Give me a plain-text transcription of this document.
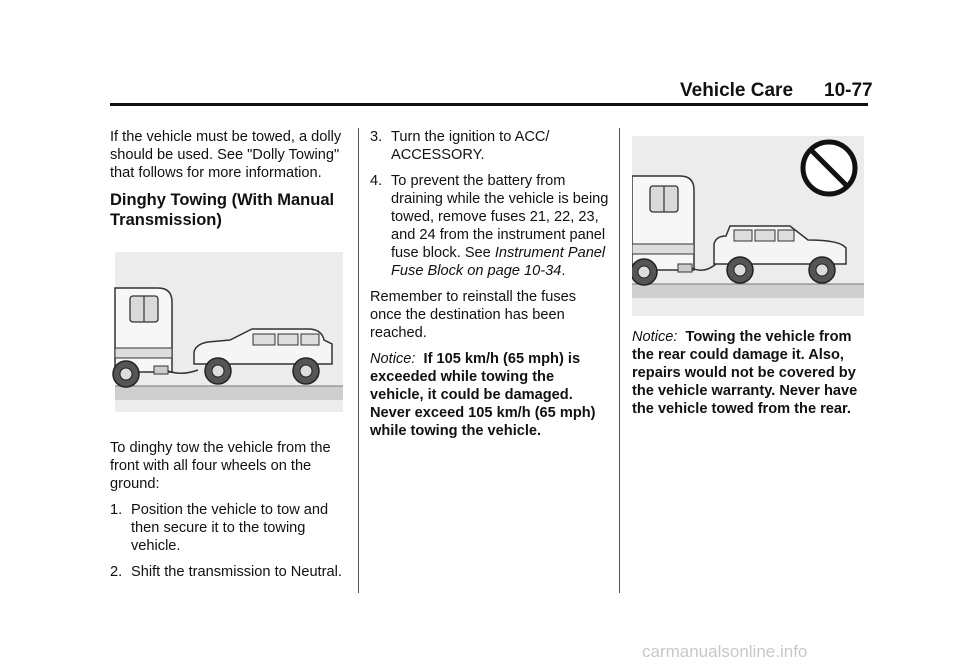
Vehicle Care 10-77

If the vehicle must be towed, a dolly should be used. See "Dolly Towing" that follows for more information.

Dinghy Towing (With Manual Transmission)

To dinghy tow the vehicle from the front with all four wheels on the ground:

1. Position the vehicle to tow and then secure it to the towing vehicle.
2. Shift the transmission to Neutral.
3. Turn the ignition to ACC/ ACCESSORY.
4. To prevent the battery from draining while the vehicle is being towed, remove fuses 21, 22, 23, and 24 from the instrument panel fuse block. See Instrument Panel Fuse Block on page 10-34.

Remember to reinstall the fuses once the destination has been reached.

Notice: If 105 km/h (65 mph) is exceeded while towing the vehicle, it could be damaged. Never exceed 105 km/h (65 mph) while towing the vehicle.

Notice: Towing the vehicle from the rear could damage it. Also, repairs would not be covered by the vehicle warranty. Never have the vehicle towed from the rear.

carmanualsonline.info
